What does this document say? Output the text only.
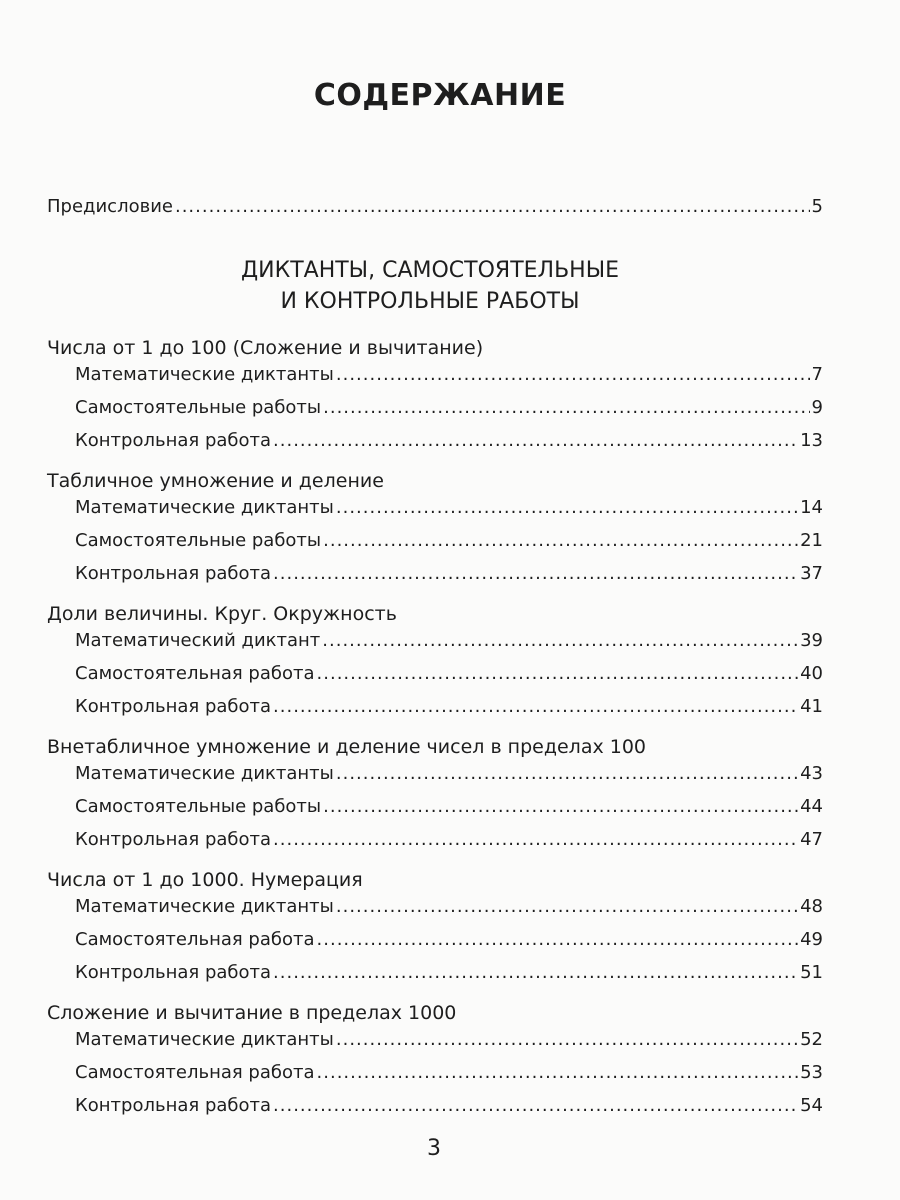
СОДЕРЖАНИЕ
Предисловие .....	5
ДИКТАНТЫ, САМОСТОЯТЕЛЬНЫЕ
И КОНТРОЛЬНЫЕ РАБОТЫ
Числа от 1 до 100 (Сложение и вычитание)
Математические диктанты .....	7
Самостоятельные работы .....	9
Контрольная работа .....	13
Табличное умножение и деление
Математические диктанты .....	14
Самостоятельные работы .....	21
Контрольная работа .....	37
Доли величины. Круг. Окружность
Математический диктант .....	39
Самостоятельная работа .....	40
Контрольная работа .....	41
Внетабличное умножение и деление чисел в пределах 100
Математические диктанты .....	43
Самостоятельные работы .....	44
Контрольная работа .....	47
Числа от 1 до 1000. Нумерация
Математические диктанты .....	48
Самостоятельная работа .....	49
Контрольная работа .....	51
Сложение и вычитание в пределах 1000
Математические диктанты .....	52
Самостоятельная работа .....	53
Контрольная работа .....	54
3
